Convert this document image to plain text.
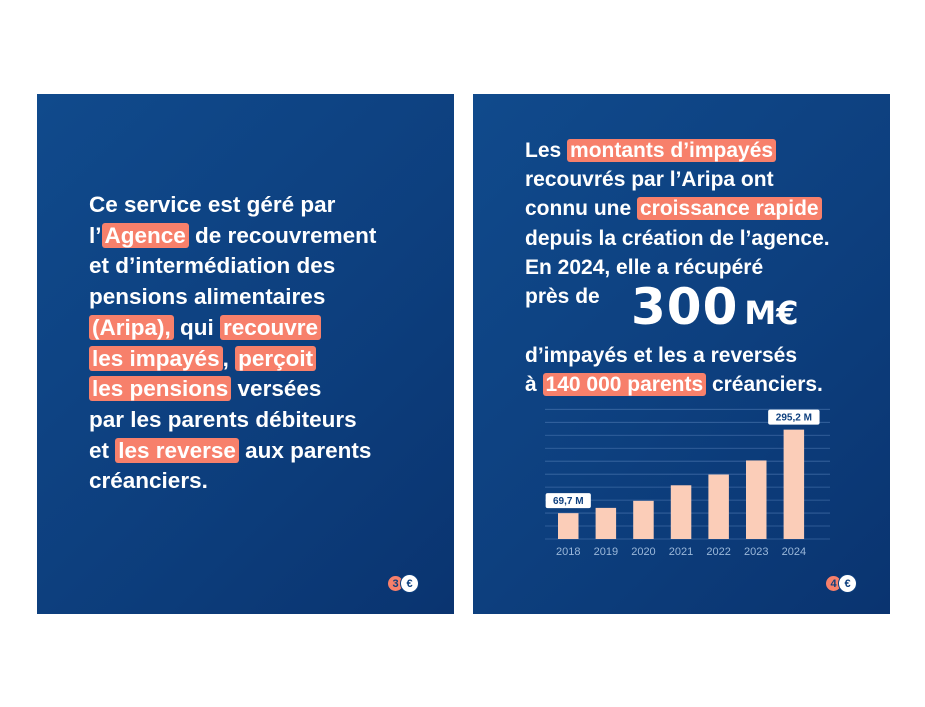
Ce service est géré par
l’ Agence de recouvrement
et d’intermédiation des
pensions alimentaires
(Aripa), qui recouvre
les impayés , perçoit
les pensions versées
par les parents débiteurs
et les reverse aux parents
créanciers.
3 €
Les montants d’impayés
recouvrés par l’Aripa ont
connu une croissance rapide
depuis la création de l’agence.
En 2024, elle a récupéré
près de 300 M€
d’impayés et les a reversés
à 140 000 parents créanciers.
69,7 M
295,2 M
2018 2019 2020 2021 2022 2023 2024
4 €
